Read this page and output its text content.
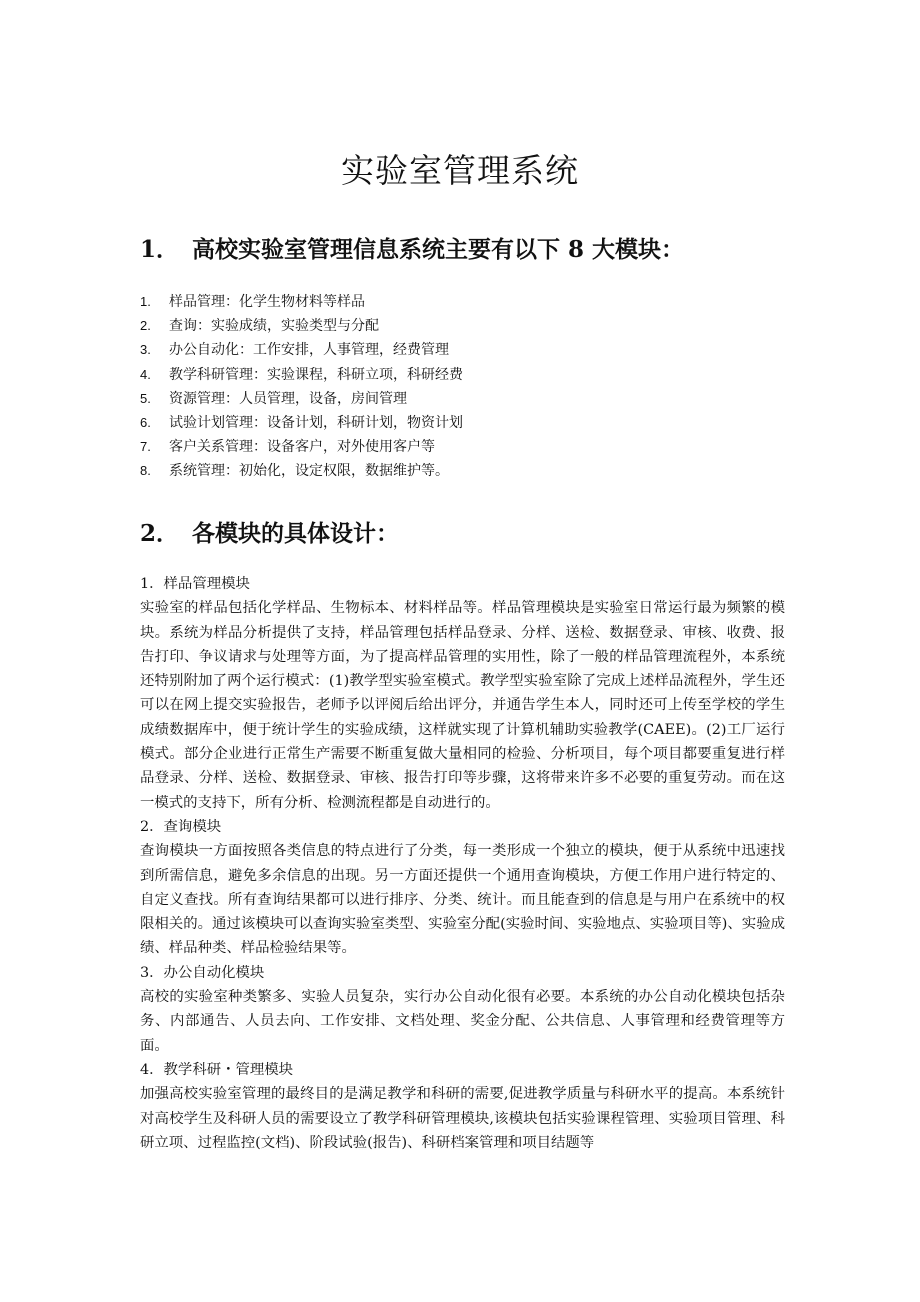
实验室管理系统
1． 高校实验室管理信息系统主要有以下 8 大模块：
1. 样品管理：化学生物材料等样品
2. 查询：实验成绩，实验类型与分配
3. 办公自动化：工作安排，人事管理，经费管理
4. 教学科研管理：实验课程，科研立项，科研经费
5. 资源管理：人员管理，设备，房间管理
6. 试验计划管理：设备计划，科研计划，物资计划
7. 客户关系管理：设备客户，对外使用客户等
8. 系统管理：初始化，设定权限，数据维护等。
2． 各模块的具体设计：

1．样品管理模块

实验室的样品包括化学样品、生物标本、材料样品等。样品管理模块是实验室日常运行最为频繁的模块。系统为样品分析提供了支持，样品管理包括样品登录、分样、送检、数据登录、审核、收费、报告打印、争议请求与处理等方面，为了提高样品管理的实用性，除了一般的样品管理流程外，本系统还特别附加了两个运行模式：(1)教学型实验室模式。教学型实验室除了完成上述样品流程外，学生还可以在网上提交实验报告，老师予以评阅后给出评分，并通告学生本人，同时还可上传至学校的学生成绩数据库中，便于统计学生的实验成绩，这样就实现了计算机辅助实验教学(CAEE)。(2)工厂运行模式。部分企业进行正常生产需要不断重复做大量相同的检验、分析项目，每个项目都要重复进行样品登录、分样、送检、数据登录、审核、报告打印等步骤，这将带来许多不必要的重复劳动。而在这一模式的支持下，所有分析、检测流程都是自动进行的。

2．查询模块

查询模块一方面按照各类信息的特点进行了分类，每一类形成一个独立的模块，便于从系统中迅速找到所需信息，避免多余信息的出现。另一方面还提供一个通用查询模块，方便工作用户进行特定的、自定义查找。所有查询结果都可以进行排序、分类、统计。而且能查到的信息是与用户在系统中的权限相关的。通过该模块可以查询实验室类型、实验室分配(实验时间、实验地点、实验项目等)、实验成绩、样品种类、样品检验结果等。

3．办公自动化模块

高校的实验室种类繁多、实验人员复杂，实行办公自动化很有必要。本系统的办公自动化模块包括杂务、内部通告、人员去向、工作安排、文档处理、奖金分配、公共信息、人事管理和经费管理等方面。

4．教学科研・管理模块

加强高校实验室管理的最终目的是满足教学和科研的需要,促进教学质量与科研水平的提高。本系统针对高校学生及科研人员的需要设立了教学科研管理模块,该模块包括实验课程管理、实验项目管理、科研立项、过程监控(文档)、阶段试验(报告)、科研档案管理和项目结题等
